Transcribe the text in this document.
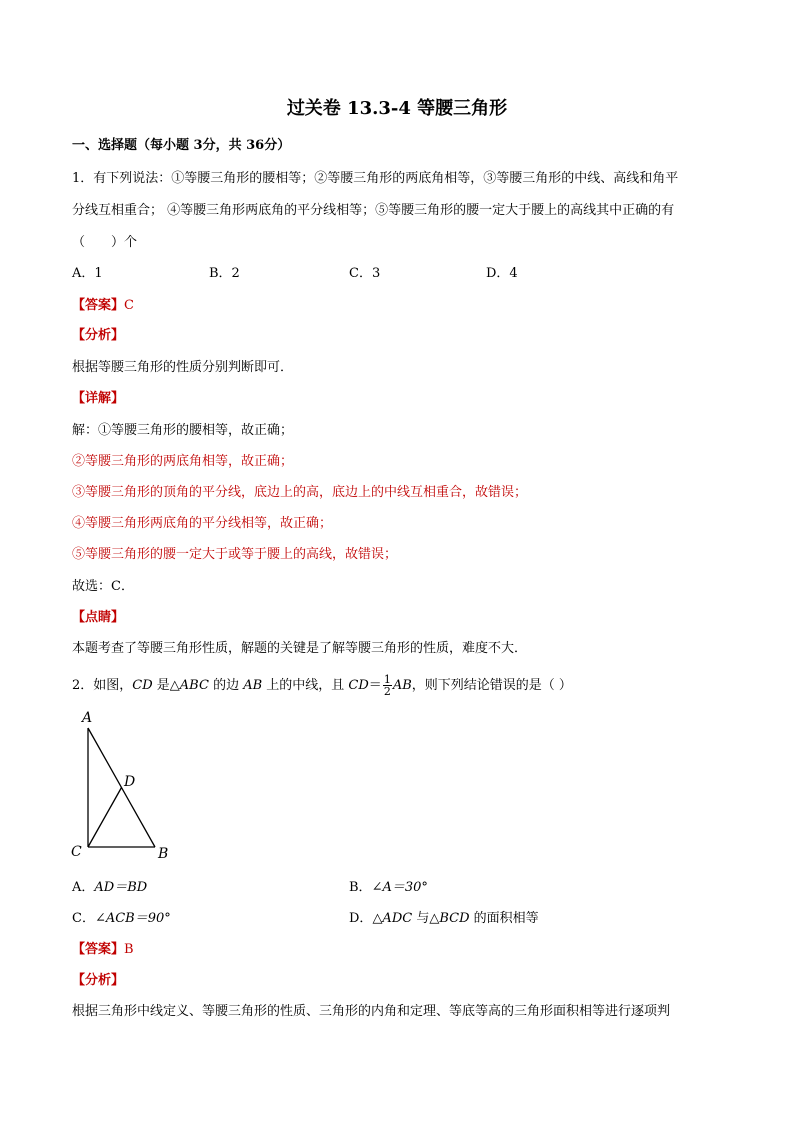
过关卷 13.3-4 等腰三角形
一、选择题（每小题 3分，共 36分）
1．有下列说法：①等腰三角形的腰相等；②等腰三角形的两底角相等，③等腰三角形的中线、高线和角平
分线互相重合； ④等腰三角形两底角的平分线相等；⑤等腰三角形的腰一定大于腰上的高线其中正确的有
（　　）个
A．1	B．2	C．3	D．4
【答案】C
【分析】
根据等腰三角形的性质分别判断即可．
【详解】
解：①等腰三角形的腰相等，故正确；
②等腰三角形的两底角相等，故正确；
③等腰三角形的顶角的平分线，底边上的高，底边上的中线互相重合，故错误；
④等腰三角形两底角的平分线相等，故正确；
⑤等腰三角形的腰一定大于或等于腰上的高线，故错误；
故选：C．
【点睛】
本题考查了等腰三角形性质，解题的关键是了解等腰三角形的性质，难度不大．
2．如图，CD 是△ABC 的边 AB 上的中线，且 $CD= \frac{1}{2}$ AB，则下列结论错误的是（ ）
A
D
C	B
A．AD＝BD	B．∠A＝30°
C．∠ACB＝90°	D．△ADC 与△BCD 的面积相等
【答案】B
【分析】
根据三角形中线定义、等腰三角形的性质、三角形的内角和定理、等底等高的三角形面积相等进行逐项判
